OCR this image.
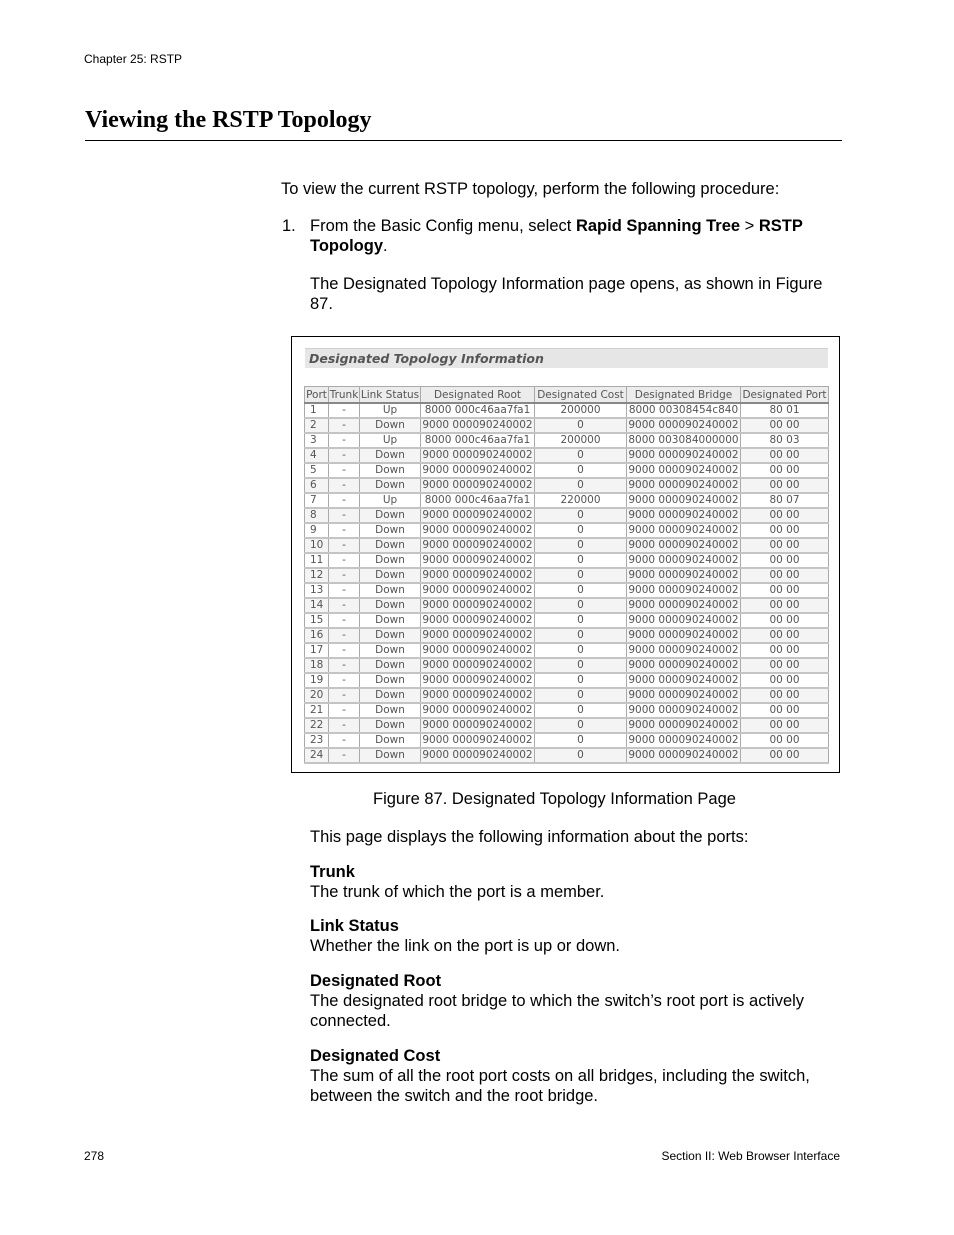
Chapter 25: RSTP
Viewing the RSTP Topology
To view the current RSTP topology, perform the following procedure:
1. From the Basic Config menu, select Rapid Spanning Tree > RSTP Topology.
The Designated Topology Information page opens, as shown in Figure 87.
Designated Topology Information
Port	Trunk	Link Status	Designated Root	Designated Cost	Designated Bridge	Designated Port
1	-	Up	8000 000c46aa7fa1	200000	8000 00308454c840	80 01
2	-	Down	9000 000090240002	0	9000 000090240002	00 00
3	-	Up	8000 000c46aa7fa1	200000	8000 003084000000	80 03
4	-	Down	9000 000090240002	0	9000 000090240002	00 00
5	-	Down	9000 000090240002	0	9000 000090240002	00 00
6	-	Down	9000 000090240002	0	9000 000090240002	00 00
7	-	Up	8000 000c46aa7fa1	220000	9000 000090240002	80 07
8	-	Down	9000 000090240002	0	9000 000090240002	00 00
9	-	Down	9000 000090240002	0	9000 000090240002	00 00
10	-	Down	9000 000090240002	0	9000 000090240002	00 00
11	-	Down	9000 000090240002	0	9000 000090240002	00 00
12	-	Down	9000 000090240002	0	9000 000090240002	00 00
13	-	Down	9000 000090240002	0	9000 000090240002	00 00
14	-	Down	9000 000090240002	0	9000 000090240002	00 00
15	-	Down	9000 000090240002	0	9000 000090240002	00 00
16	-	Down	9000 000090240002	0	9000 000090240002	00 00
17	-	Down	9000 000090240002	0	9000 000090240002	00 00
18	-	Down	9000 000090240002	0	9000 000090240002	00 00
19	-	Down	9000 000090240002	0	9000 000090240002	00 00
20	-	Down	9000 000090240002	0	9000 000090240002	00 00
21	-	Down	9000 000090240002	0	9000 000090240002	00 00
22	-	Down	9000 000090240002	0	9000 000090240002	00 00
23	-	Down	9000 000090240002	0	9000 000090240002	00 00
24	-	Down	9000 000090240002	0	9000 000090240002	00 00
Figure 87. Designated Topology Information Page
This page displays the following information about the ports:
Trunk
The trunk of which the port is a member.
Link Status
Whether the link on the port is up or down.
Designated Root
The designated root bridge to which the switch’s root port is actively connected.
Designated Cost
The sum of all the root port costs on all bridges, including the switch, between the switch and the root bridge.
278	Section II: Web Browser Interface
